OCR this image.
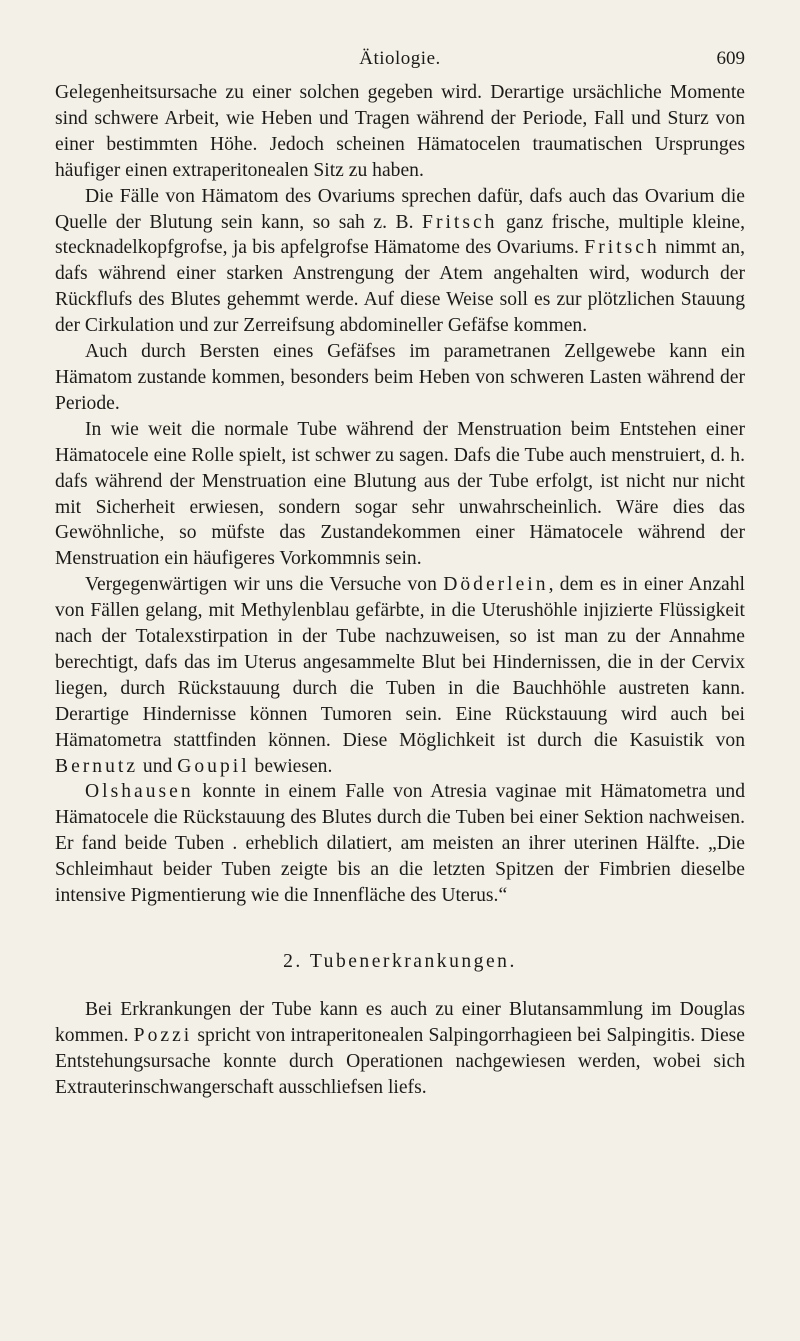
Ätiologie.	609

Gelegenheitsursache zu einer solchen gegeben wird. Derartige ursächliche Momente sind schwere Arbeit, wie Heben und Tragen während der Periode, Fall und Sturz von einer bestimmten Höhe. Jedoch scheinen Hämatocelen traumatischen Ursprunges häufiger einen extraperitonealen Sitz zu haben.

Die Fälle von Hämatom des Ovariums sprechen dafür, dafs auch das Ovarium die Quelle der Blutung sein kann, so sah z. B. Fritsch ganz frische, multiple kleine, stecknadelkopfgrofse, ja bis apfelgrofse Hämatome des Ovariums. Fritsch nimmt an, dafs während einer starken Anstrengung der Atem angehalten wird, wodurch der Rückflufs des Blutes gehemmt werde. Auf diese Weise soll es zur plötzlichen Stauung der Cirkulation und zur Zerreifsung abdomineller Gefäfse kommen.

Auch durch Bersten eines Gefäfses im parametranen Zellgewebe kann ein Hämatom zustande kommen, besonders beim Heben von schweren Lasten während der Periode.

In wie weit die normale Tube während der Menstruation beim Entstehen einer Hämatocele eine Rolle spielt, ist schwer zu sagen. Dafs die Tube auch menstruiert, d. h. dafs während der Menstruation eine Blutung aus der Tube erfolgt, ist nicht nur nicht mit Sicherheit erwiesen, sondern sogar sehr unwahrscheinlich. Wäre dies das Gewöhnliche, so müfste das Zustandekommen einer Hämatocele während der Menstruation ein häufigeres Vorkommnis sein.

Vergegenwärtigen wir uns die Versuche von Döderlein, dem es in einer Anzahl von Fällen gelang, mit Methylenblau gefärbte, in die Uterushöhle injizierte Flüssigkeit nach der Totalexstirpation in der Tube nachzuweisen, so ist man zu der Annahme berechtigt, dafs das im Uterus angesammelte Blut bei Hindernissen, die in der Cervix liegen, durch Rückstauung durch die Tuben in die Bauchhöhle austreten kann. Derartige Hindernisse können Tumoren sein. Eine Rückstauung wird auch bei Hämatometra stattfinden können. Diese Möglichkeit ist durch die Kasuistik von Bernutz und Goupil bewiesen.

Olshausen konnte in einem Falle von Atresia vaginae mit Hämatometra und Hämatocele die Rückstauung des Blutes durch die Tuben bei einer Sektion nachweisen. Er fand beide Tuben . erheblich dilatiert, am meisten an ihrer uterinen Hälfte. „Die Schleimhaut beider Tuben zeigte bis an die letzten Spitzen der Fimbrien dieselbe intensive Pigmentierung wie die Innenfläche des Uterus.“

2. Tubenerkrankungen.

Bei Erkrankungen der Tube kann es auch zu einer Blutansammlung im Douglas kommen. Pozzi spricht von intraperitonealen Salpingorrhagieen bei Salpingitis. Diese Entstehungsursache konnte durch Operationen nachgewiesen werden, wobei sich Extrauterinschwangerschaft ausschliefsen liefs.
